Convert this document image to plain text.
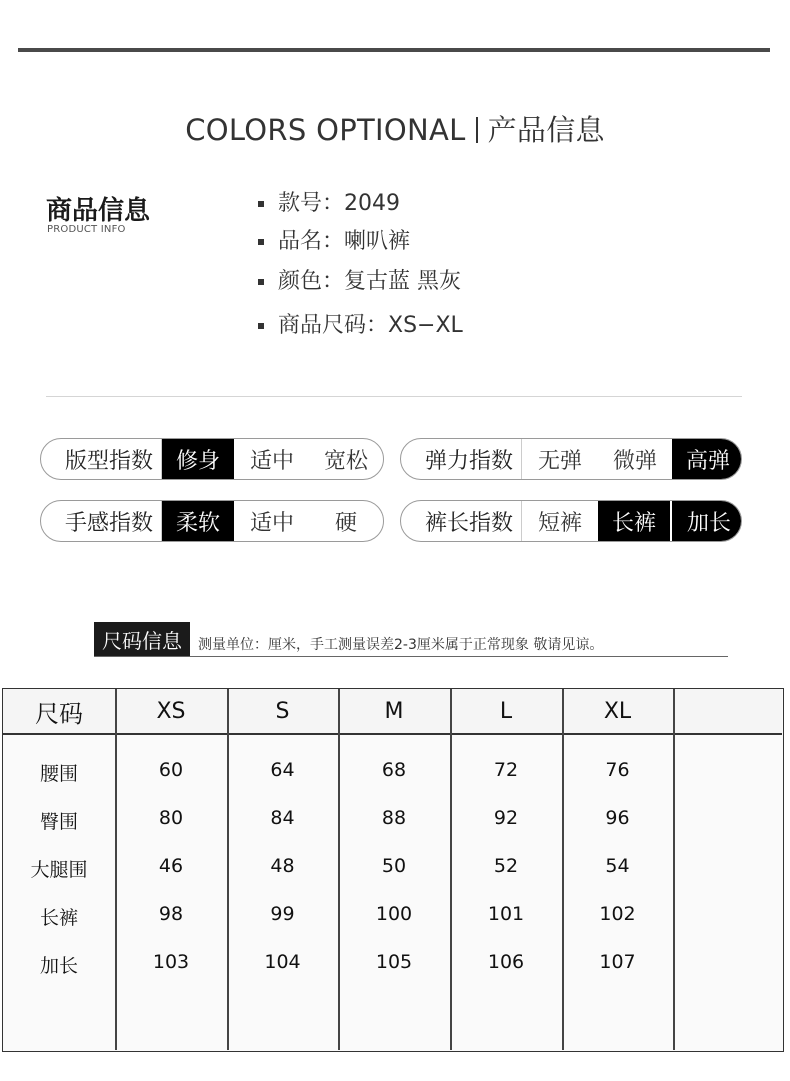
COLORS OPTIONAL 产品信息
商品信息
PRODUCT INFO
款号：2049
品名：喇叭裤
颜色：复古蓝 黑灰
商品尺码：XS−XL
版型指数	修身	适中	宽松	弹力指数	无弹	微弹	高弹
手感指数	柔软	适中	硬	裤长指数	短裤	长裤	加长
尺码信息	测量单位：厘米，手工测量误差2-3厘米属于正常现象 敬请见谅。
尺码	XS	S	M	L	XL
腰围	60	64	68	72	76
臀围	80	84	88	92	96
大腿围	46	48	50	52	54
长裤	98	99	100	101	102
加长	103	104	105	106	107
